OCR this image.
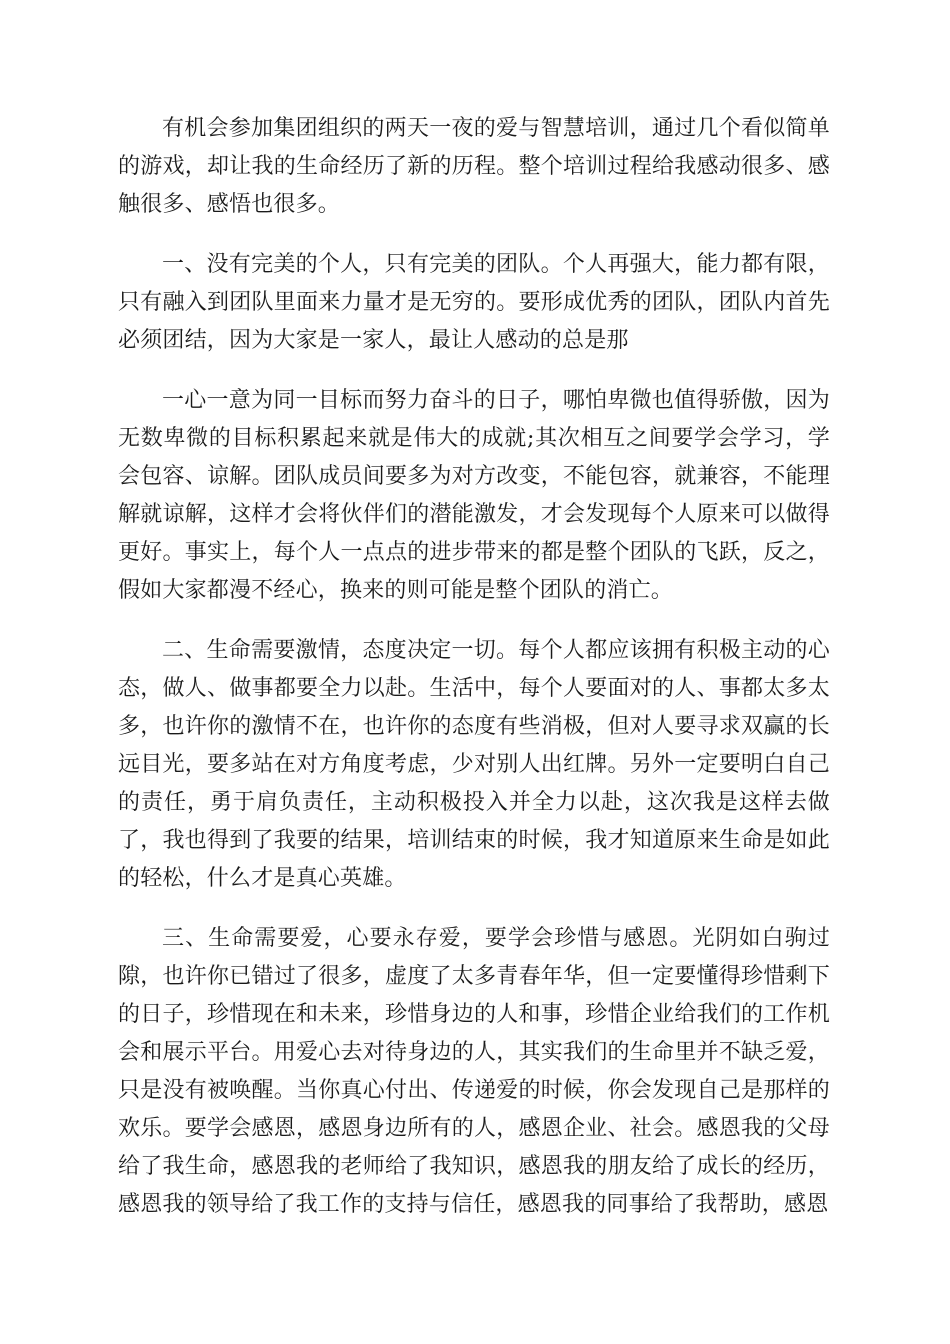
有机会参加集团组织的两天一夜的爱与智慧培训，通过几个看似简单的游戏，却让我的生命经历了新的历程。整个培训过程给我感动很多、感触很多、感悟也很多。

一、没有完美的个人，只有完美的团队。个人再强大，能力都有限，只有融入到团队里面来力量才是无穷的。要形成优秀的团队，团队内首先必须团结，因为大家是一家人，最让人感动的总是那

一心一意为同一目标而努力奋斗的日子，哪怕卑微也值得骄傲，因为无数卑微的目标积累起来就是伟大的成就;其次相互之间要学会学习，学会包容、谅解。团队成员间要多为对方改变，不能包容，就兼容，不能理解就谅解，这样才会将伙伴们的潜能激发，才会发现每个人原来可以做得更好。事实上，每个人一点点的进步带来的都是整个团队的飞跃，反之，假如大家都漫不经心，换来的则可能是整个团队的消亡。

二、生命需要激情，态度决定一切。每个人都应该拥有积极主动的心态，做人、做事都要全力以赴。生活中，每个人要面对的人、事都太多太多，也许你的激情不在，也许你的态度有些消极，但对人要寻求双赢的长远目光，要多站在对方角度考虑，少对别人出红牌。另外一定要明白自己的责任，勇于肩负责任，主动积极投入并全力以赴，这次我是这样去做了，我也得到了我要的结果，培训结束的时候，我才知道原来生命是如此的轻松，什么才是真心英雄。

三、生命需要爱，心要永存爱，要学会珍惜与感恩。光阴如白驹过隙，也许你已错过了很多，虚度了太多青春年华，但一定要懂得珍惜剩下的日子，珍惜现在和未来，珍惜身边的人和事，珍惜企业给我们的工作机会和展示平台。用爱心去对待身边的人，其实我们的生命里并不缺乏爱，只是没有被唤醒。当你真心付出、传递爱的时候，你会发现自己是那样的欢乐。要学会感恩，感恩身边所有的人，感恩企业、社会。感恩我的父母给了我生命，感恩我的老师给了我知识，感恩我的朋友给了成长的经历，感恩我的领导给了我工作的支持与信任，感恩我的同事给了我帮助，感恩
